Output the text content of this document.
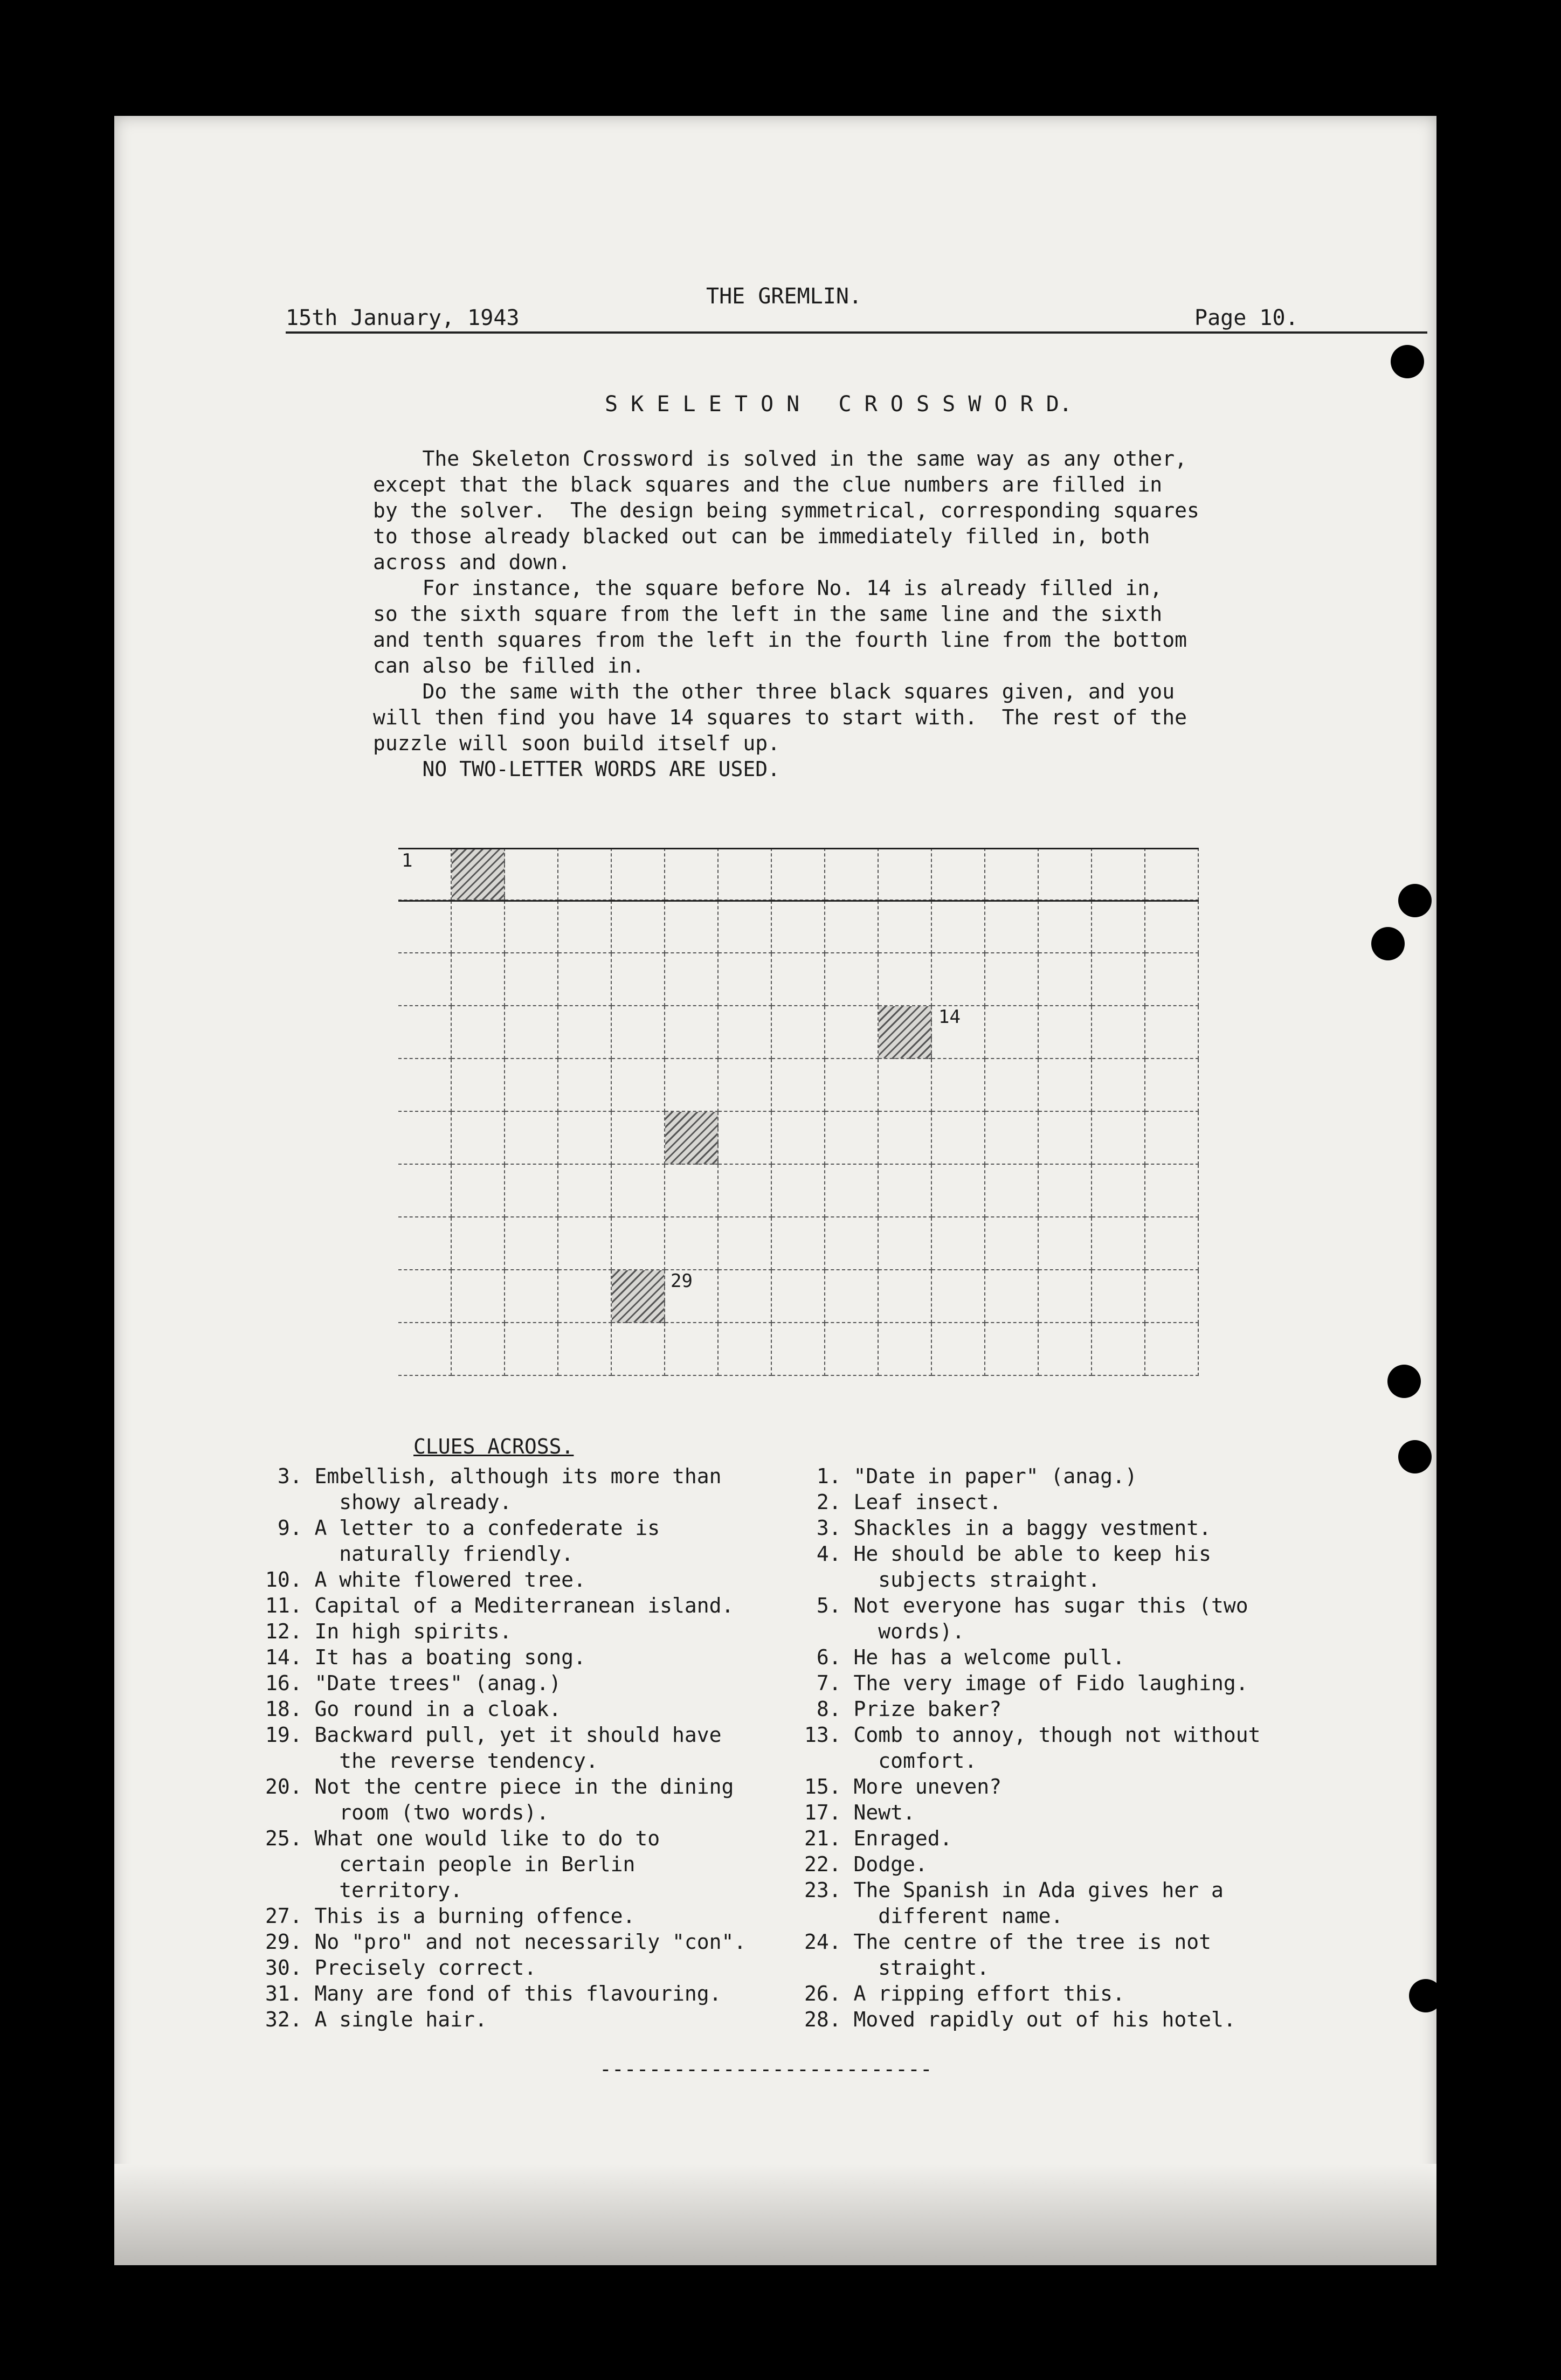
THE GREMLIN.
15th January, 1943	Page 10.
S K E L E T O N   C R O S S W O R D.
The Skeleton Crossword is solved in the same way as any other,
except that the black squares and the clue numbers are filled in
by the solver.  The design being symmetrical, corresponding squares
to those already blacked out can be immediately filled in, both
across and down.
For instance, the square before No. 14 is already filled in,
so the sixth square from the left in the same line and the sixth
and tenth squares from the left in the fourth line from the bottom
can also be filled in.
Do the same with the other three black squares given, and you
will then find you have 14 squares to start with.  The rest of the
puzzle will soon build itself up.
NO TWO-LETTER WORDS ARE USED.
1
14
29
CLUES ACROSS.
3. Embellish, although its more than
showy already.
9. A letter to a confederate is
naturally friendly.
10. A white flowered tree.
11. Capital of a Mediterranean island.
12. In high spirits.
14. It has a boating song.
16. "Date trees" (anag.)
18. Go round in a cloak.
19. Backward pull, yet it should have
the reverse tendency.
20. Not the centre piece in the dining
room (two words).
25. What one would like to do to
certain people in Berlin
territory.
27. This is a burning offence.
29. No "pro" and not necessarily "con".
30. Precisely correct.
31. Many are fond of this flavouring.
32. A single hair.
1. "Date in paper" (anag.)
2. Leaf insect.
3. Shackles in a baggy vestment.
4. He should be able to keep his
subjects straight.
5. Not everyone has sugar this (two
words).
6. He has a welcome pull.
7. The very image of Fido laughing.
8. Prize baker?
13. Comb to annoy, though not without
comfort.
15. More uneven?
17. Newt.
21. Enraged.
22. Dodge.
23. The Spanish in Ada gives her a
different name.
24. The centre of the tree is not
straight.
26. A ripping effort this.
28. Moved rapidly out of his hotel.
---------------------------
